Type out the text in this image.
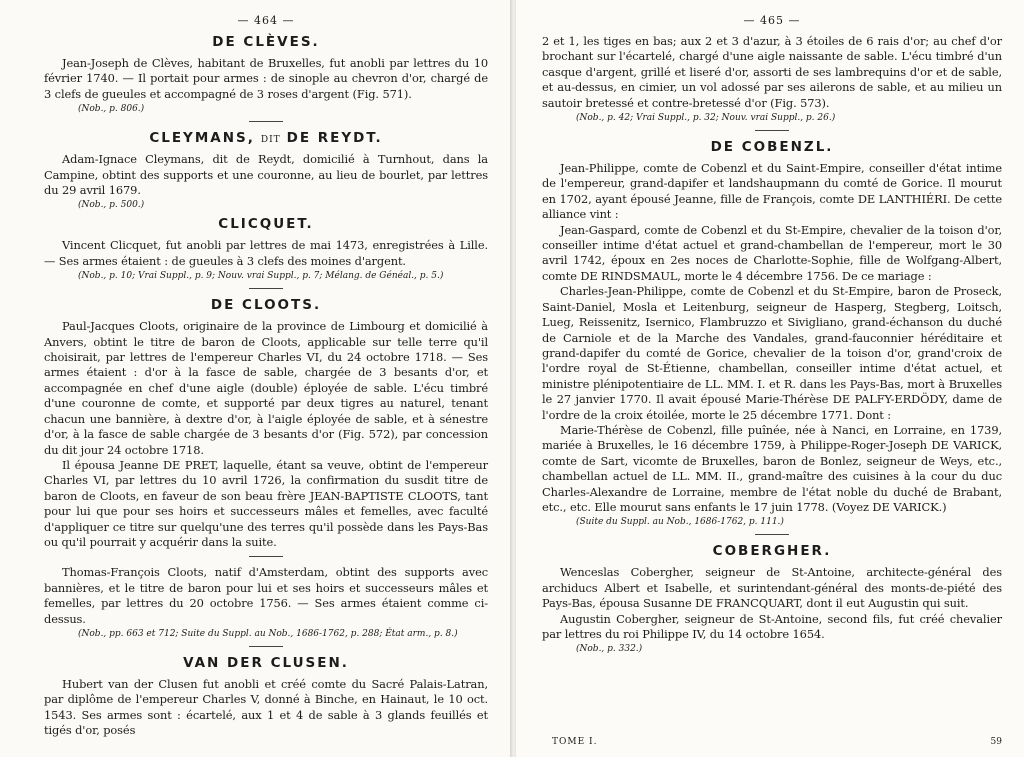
— 464 —
DE CLÈVES.

Jean-Joseph de Clèves, habitant de Bruxelles, fut anobli par lettres du 10 février 1740. — Il portait pour armes : de sinople au chevron d'or, chargé de 3 clefs de gueules et accompagné de 3 roses d'argent (Fig. 571).

(Nob., p. 806.)
CLEYMANS, DIT DE REYDT.

Adam-Ignace Cleymans, dit de Reydt, domicilié à Turnhout, dans la Campine, obtint des supports et une couronne, au lieu de bourlet, par lettres du 29 avril 1679.

(Nob., p. 500.)
CLICQUET.

Vincent Clicquet, fut anobli par lettres de mai 1473, enregistrées à Lille. — Ses armes étaient : de gueules à 3 clefs des moines d'argent.

(Nob., p. 10; Vrai Suppl., p. 9; Nouv. vrai Suppl., p. 7; Mélang. de Généal., p. 5.)
DE CLOOTS.

Paul-Jacques Cloots, originaire de la province de Limbourg et domicilié à Anvers, obtint le titre de baron de Cloots, applicable sur telle terre qu'il choisirait, par lettres de l'empereur Charles VI, du 24 octobre 1718. — Ses armes étaient : d'or à la fasce de sable, chargée de 3 besants d'or, et accompagnée en chef d'une aigle (double) éployée de sable. L'écu timbré d'une couronne de comte, et supporté par deux tigres au naturel, tenant chacun une bannière, à dextre d'or, à l'aigle éployée de sable, et à sénestre d'or, à la fasce de sable chargée de 3 besants d'or (Fig. 572), par concession du dit jour 24 octobre 1718.

Il épousa Jeanne DE PRET, laquelle, étant sa veuve, obtint de l'empereur Charles VI, par lettres du 10 avril 1726, la confirmation du susdit titre de baron de Cloots, en faveur de son beau frère JEAN-BAPTISTE CLOOTS, tant pour lui que pour ses hoirs et successeurs mâles et femelles, avec faculté d'appliquer ce titre sur quelqu'une des terres qu'il possède dans les Pays-Bas ou qu'il pourrait y acquérir dans la suite.

Thomas-François Cloots, natif d'Amsterdam, obtint des supports avec bannières, et le titre de baron pour lui et ses hoirs et successeurs mâles et femelles, par lettres du 20 octobre 1756. — Ses armes étaient comme ci-dessus.

(Nob., pp. 663 et 712; Suite du Suppl. au Nob., 1686-1762, p. 288; État arm., p. 8.)
VAN DER CLUSEN.

Hubert van der Clusen fut anobli et créé comte du Sacré Palais-Latran, par diplôme de l'empereur Charles V, donné à Binche, en Hainaut, le 10 oct. 1543. Ses armes sont : écartelé, aux 1 et 4 de sable à 3 glands feuillés et tigés d'or, posés

— 465 —

2 et 1, les tiges en bas; aux 2 et 3 d'azur, à 3 étoiles de 6 rais d'or; au chef d'or brochant sur l'écartelé, chargé d'une aigle naissante de sable. L'écu timbré d'un casque d'argent, grillé et liseré d'or, assorti de ses lambrequins d'or et de sable, et au-dessus, en cimier, un vol adossé par ses ailerons de sable, et au milieu un sautoir bretessé et contre-bretessé d'or (Fig. 573).

(Nob., p. 42; Vrai Suppl., p. 32; Nouv. vrai Suppl., p. 26.)
DE COBENZL.

Jean-Philippe, comte de Cobenzl et du Saint-Empire, conseiller d'état intime de l'empereur, grand-dapifer et landshaupmann du comté de Gorice. Il mourut en 1702, ayant épousé Jeanne, fille de François, comte DE LANTHIÉRI. De cette alliance vint :

Jean-Gaspard, comte de Cobenzl et du St-Empire, chevalier de la toison d'or, conseiller intime d'état actuel et grand-chambellan de l'empereur, mort le 30 avril 1742, époux en 2es noces de Charlotte-Sophie, fille de Wolfgang-Albert, comte DE RINDSMAUL, morte le 4 décembre 1756. De ce mariage :

Charles-Jean-Philippe, comte de Cobenzl et du St-Empire, baron de Proseck, Saint-Daniel, Mosla et Leitenburg, seigneur de Hasperg, Stegberg, Loitsch, Lueg, Reissenitz, Isernico, Flambruzzo et Sivigliano, grand-échanson du duché de Carniole et de la Marche des Vandales, grand-fauconnier héréditaire et grand-dapifer du comté de Gorice, chevalier de la toison d'or, grand'croix de l'ordre royal de St-Étienne, chambellan, conseiller intime d'état actuel, et ministre plénipotentiaire de LL. MM. I. et R. dans les Pays-Bas, mort à Bruxelles le 27 janvier 1770. Il avait épousé Marie-Thérèse DE PALFY-ERDÖDY, dame de l'ordre de la croix étoilée, morte le 25 décembre 1771. Dont :

Marie-Thérèse de Cobenzl, fille puînée, née à Nanci, en Lorraine, en 1739, mariée à Bruxelles, le 16 décembre 1759, à Philippe-Roger-Joseph DE VARICK, comte de Sart, vicomte de Bruxelles, baron de Bonlez, seigneur de Weys, etc., chambellan actuel de LL. MM. II., grand-maître des cuisines à la cour du duc Charles-Alexandre de Lorraine, membre de l'état noble du duché de Brabant, etc., etc. Elle mourut sans enfants le 17 juin 1778. (Voyez DE VARICK.)

(Suite du Suppl. au Nob., 1686-1762, p. 111.)
COBERGHER.

Wenceslas Cobergher, seigneur de St-Antoine, architecte-général des archiducs Albert et Isabelle, et surintendant-général des monts-de-piété des Pays-Bas, épousa Susanne DE FRANCQUART, dont il eut Augustin qui suit.

Augustin Cobergher, seigneur de St-Antoine, second fils, fut créé chevalier par lettres du roi Philippe IV, du 14 octobre 1654.

(Nob., p. 332.)
TOME I.	59
